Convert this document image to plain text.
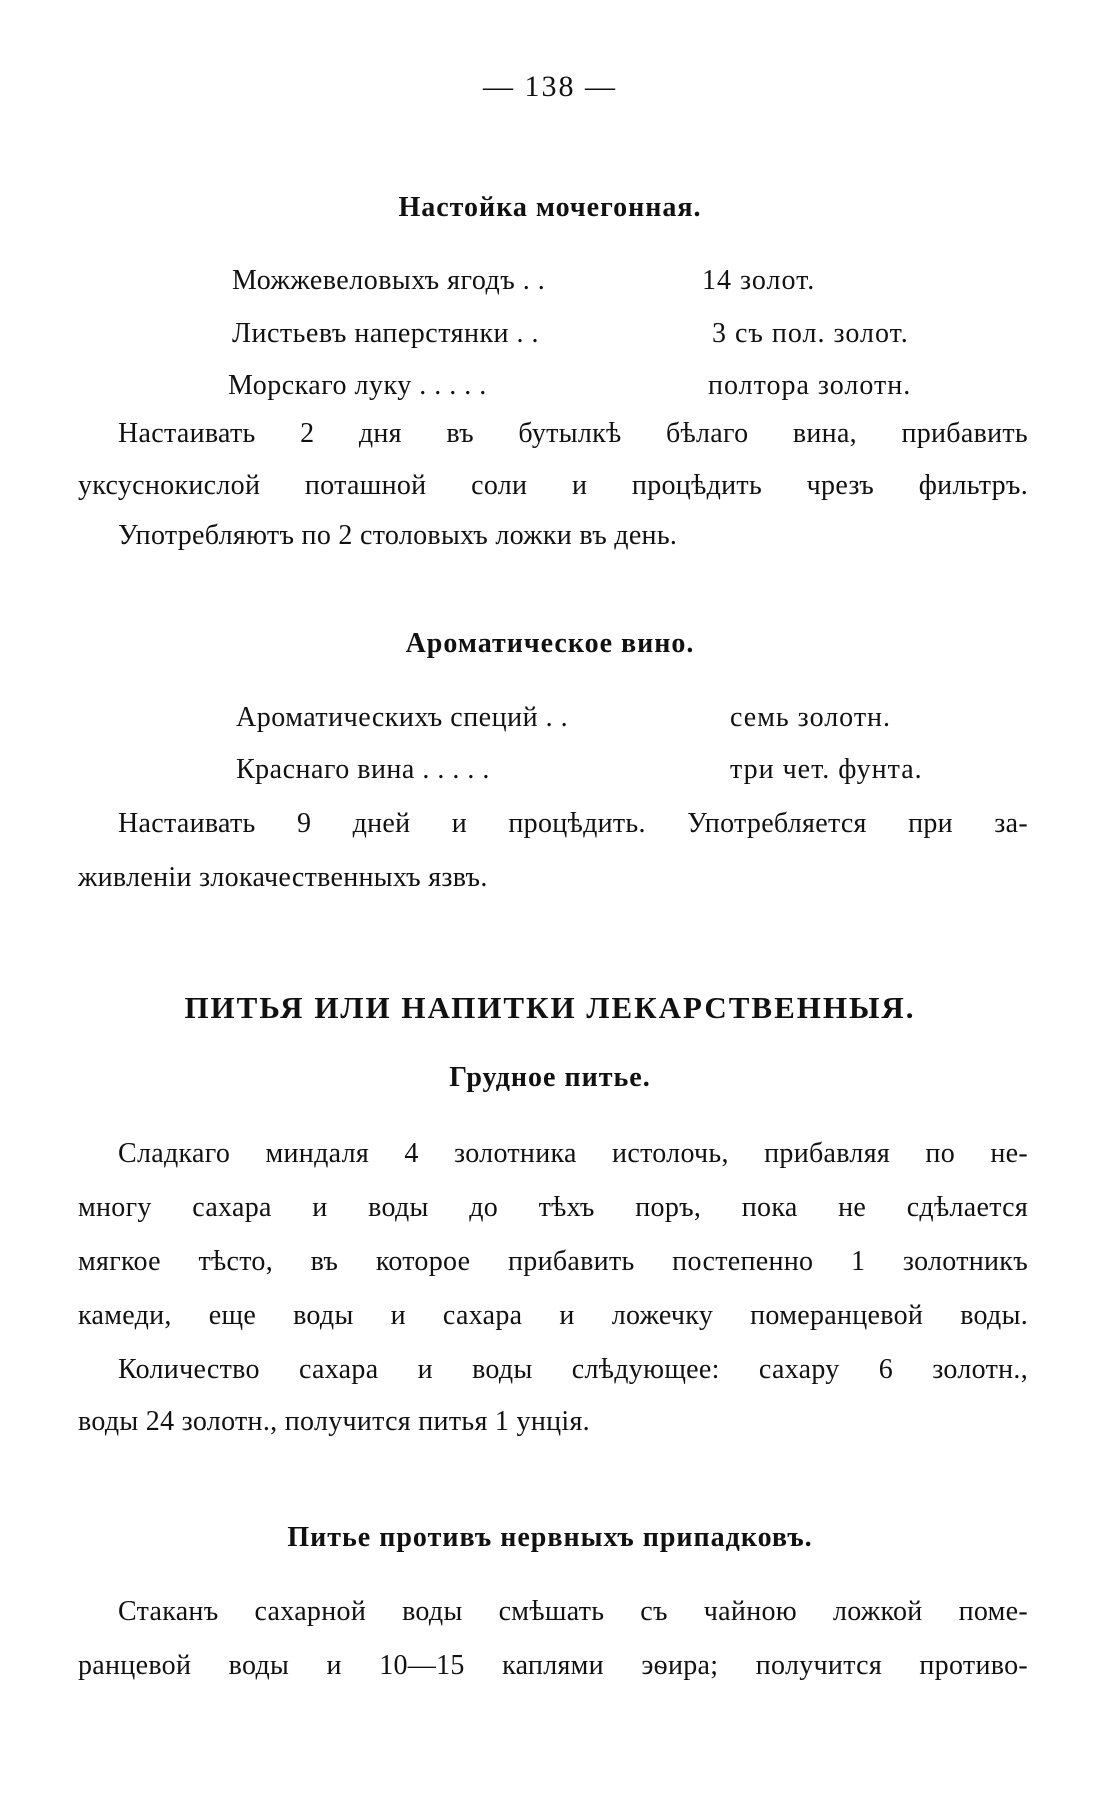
— 138 —
Настойка мочегонная.
Можжевеловыхъ ягодъ . .	14 золот.
Листьевъ наперстянки . .	3 съ пол. золот.
Морскаго луку . . . . .	полтора золотн.
Настаивать 2 дня въ бутылкѣ бѣлаго вина, прибавить
уксуснокислой поташной соли и процѣдить чрезъ фильтръ.
Употребляютъ по 2 столовыхъ ложки въ день.
Ароматическое вино.
Ароматическихъ специй . .	семь золотн.
Краснаго вина . . . . .	три чет. фунта.
Настаивать 9 дней и процѣдить. Употребляется при за-
живленіи злокачественныхъ язвъ.
ПИТЬЯ ИЛИ НАПИТКИ ЛЕКАРСТВЕННЫЯ.
Грудное питье.
Сладкаго миндаля 4 золотника истолочь, прибавляя по не-
многу сахара и воды до тѣхъ поръ, пока не сдѣлается
мягкое тѣсто, въ которое прибавить постепенно 1 золотникъ
камеди, еще воды и сахара и ложечку померанцевой воды.
Количество сахара и воды слѣдующее: сахару 6 золотн.,
воды 24 золотн., получится питья 1 унція.
Питье противъ нервныхъ припадковъ.
Стаканъ сахарной воды смѣшать съ чайною ложкой поме-
ранцевой воды и 10—15 каплями эѳира; получится противо-
